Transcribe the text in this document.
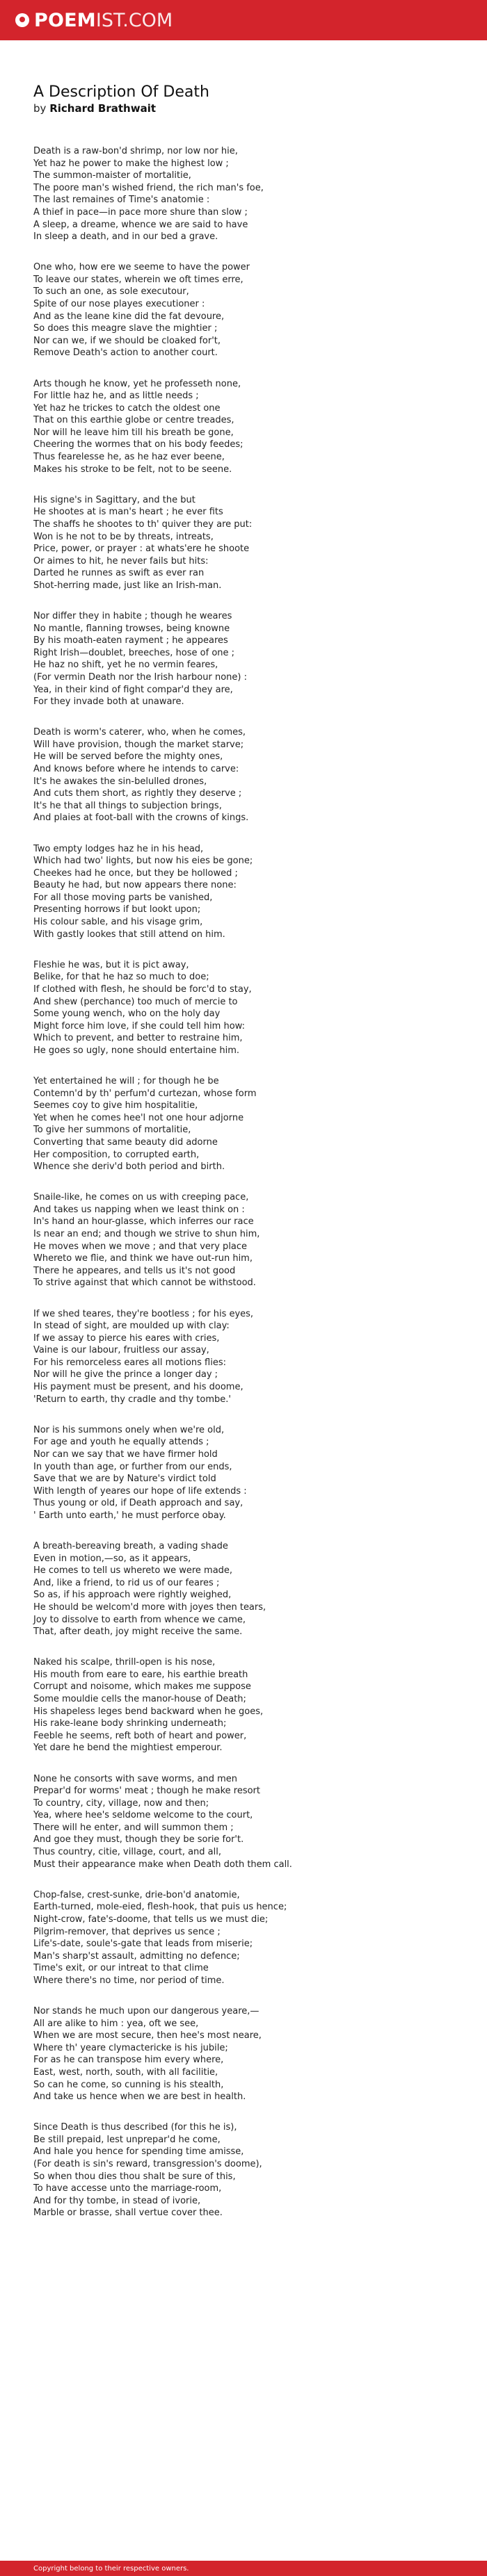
POEM IST.COM
A Description Of Death
by Richard Brathwait
Death is a raw-bon'd shrimp, nor low nor hie,
Yet haz he power to make the highest low ;
The summon-maister of mortalitie,
The poore man's wished friend, the rich man's foe,
The last remaines of Time's anatomie :
A thief in pace—in pace more shure than slow ;
A sleep, a dreame, whence we are said to have
In sleep a death, and in our bed a grave.
One who, how ere we seeme to have the power
To leave our states, wherein we oft times erre,
To such an one, as sole executour,
Spite of our nose playes executioner :
And as the leane kine did the fat devoure,
So does this meagre slave the mightier ;
Nor can we, if we should be cloaked for't,
Remove Death's action to another court.
Arts though he know, yet he professeth none,
For little haz he, and as little needs ;
Yet haz he trickes to catch the oldest one
That on this earthie globe or centre treades,
Nor will he leave him till his breath be gone,
Cheering the wormes that on his body feedes;
Thus fearelesse he, as he haz ever beene,
Makes his stroke to be felt, not to be seene.
His signe's in Sagittary, and the but
He shootes at is man's heart ; he ever fits
The shaffs he shootes to th' quiver they are put:
Won is he not to be by threats, intreats,
Price, power, or prayer : at whats'ere he shoote
Or aimes to hit, he never fails but hits:
Darted he runnes as swift as ever ran
Shot-herring made, just like an Irish-man.
Nor differ they in habite ; though he weares
No mantle, flanning trowses, being knowne
By his moath-eaten rayment ; he appeares
Right Irish—doublet, breeches, hose of one ;
He haz no shift, yet he no vermin feares,
(For vermin Death nor the Irish harbour none) :
Yea, in their kind of fight compar'd they are,
For they invade both at unaware.
Death is worm's caterer, who, when he comes,
Will have provision, though the market starve;
He will be served before the mighty ones,
And knows before where he intends to carve:
It's he awakes the sin-belulled drones,
And cuts them short, as rightly they deserve ;
It's he that all things to subjection brings,
And plaies at foot-ball with the crowns of kings.
Two empty lodges haz he in his head,
Which had two' lights, but now his eies be gone;
Cheekes had he once, but they be hollowed ;
Beauty he had, but now appears there none:
For all those moving parts be vanished,
Presenting horrows if but lookt upon;
His colour sable, and his visage grim,
With gastly lookes that still attend on him.
Fleshie he was, but it is pict away,
Belike, for that he haz so much to doe;
If clothed with flesh, he should be forc'd to stay,
And shew (perchance) too much of mercie to
Some young wench, who on the holy day
Might force him love, if she could tell him how:
Which to prevent, and better to restraine him,
He goes so ugly, none should entertaine him.
Yet entertained he will ; for though he be
Contemn'd by th' perfum'd curtezan, whose form
Seemes coy to give him hospitalitie,
Yet when he comes hee'l not one hour adjorne
To give her summons of mortalitie,
Converting that same beauty did adorne
Her composition, to corrupted earth,
Whence she deriv'd both period and birth.
Snaile-like, he comes on us with creeping pace,
And takes us napping when we least think on :
In's hand an hour-glasse, which inferres our race
Is near an end; and though we strive to shun him,
He moves when we move ; and that very place
Whereto we flie, and think we have out-run him,
There he appeares, and tells us it's not good
To strive against that which cannot be withstood.
If we shed teares, they're bootless ; for his eyes,
In stead of sight, are moulded up with clay:
If we assay to pierce his eares with cries,
Vaine is our labour, fruitless our assay,
For his remorceless eares all motions flies:
Nor will he give the prince a longer day ;
His payment must be present, and his doome,
'Return to earth, thy cradle and thy tombe.'
Nor is his summons onely when we're old,
For age and youth he equally attends ;
Nor can we say that we have firmer hold
In youth than age, or further from our ends,
Save that we are by Nature's virdict told
With length of yeares our hope of life extends :
Thus young or old, if Death approach and say,
' Earth unto earth,' he must perforce obay.
A breath-bereaving breath, a vading shade
Even in motion,—so, as it appears,
He comes to tell us whereto we were made,
And, like a friend, to rid us of our feares ;
So as, if his approach were rightly weighed,
He should be welcom'd more with joyes then tears,
Joy to dissolve to earth from whence we came,
That, after death, joy might receive the same.
Naked his scalpe, thrill-open is his nose,
His mouth from eare to eare, his earthie breath
Corrupt and noisome, which makes me suppose
Some mouldie cells the manor-house of Death;
His shapeless leges bend backward when he goes,
His rake-leane body shrinking underneath;
Feeble he seems, reft both of heart and power,
Yet dare he bend the mightiest emperour.
None he consorts with save worms, and men
Prepar'd for worms' meat ; though he make resort
To country, city, village, now and then;
Yea, where hee's seldome welcome to the court,
There will he enter, and will summon them ;
And goe they must, though they be sorie for't.
Thus country, citie, village, court, and all,
Must their appearance make when Death doth them call.
Chop-false, crest-sunke, drie-bon'd anatomie,
Earth-turned, mole-eied, flesh-hook, that puis us hence;
Night-crow, fate's-doome, that tells us we must die;
Pilgrim-remover, that deprives us sence ;
Life's-date, soule's-gate that leads from miserie;
Man's sharp'st assault, admitting no defence;
Time's exit, or our intreat to that clime
Where there's no time, nor period of time.
Nor stands he much upon our dangerous yeare,—
All are alike to him : yea, oft we see,
When we are most secure, then hee's most neare,
Where th' yeare clymactericke is his jubile;
For as he can transpose him every where,
East, west, north, south, with all facilitie,
So can he come, so cunning is his stealth,
And take us hence when we are best in health.
Since Death is thus described (for this he is),
Be still prepaid, lest unprepar'd he come,
And hale you hence for spending time amisse,
(For death is sin's reward, transgression's doome),
So when thou dies thou shalt be sure of this,
To have accesse unto the marriage-room,
And for thy tombe, in stead of ivorie,
Marble or brasse, shall vertue cover thee.
Copyright belong to their respective owners.
